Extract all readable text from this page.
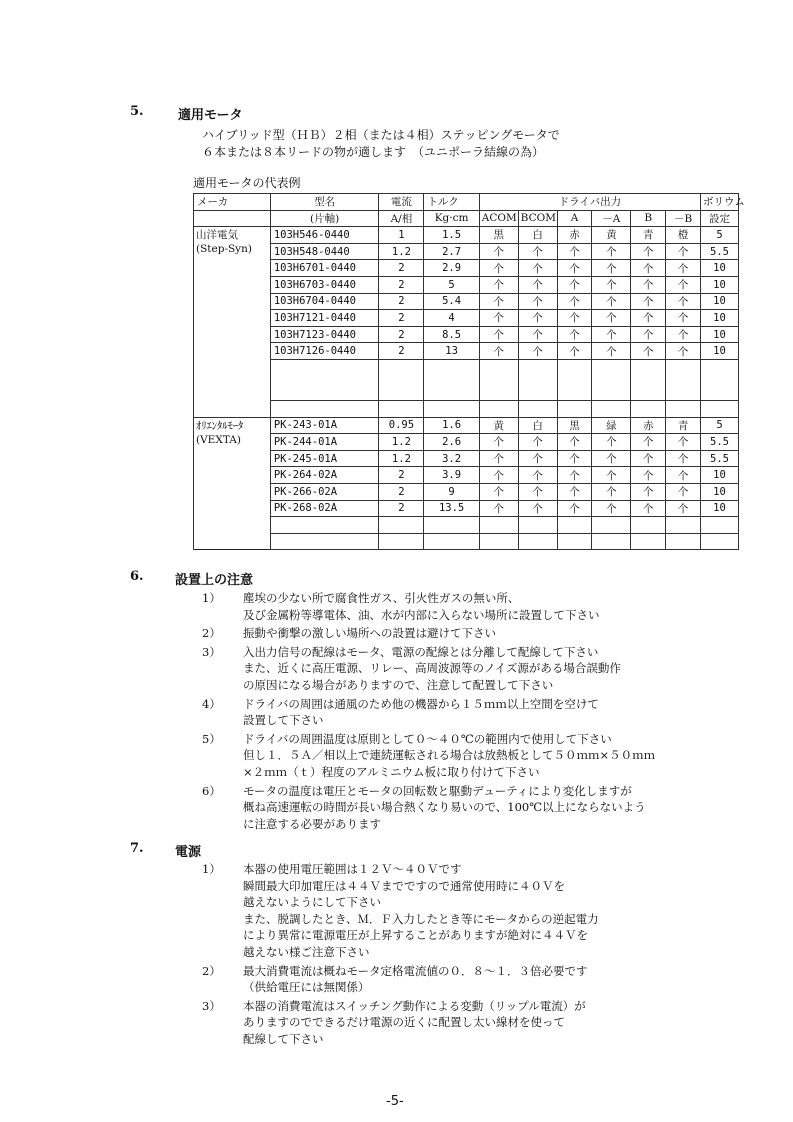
5.	適用モータ
ハイブリッド型（ＨＢ）２相（または４相）ステッピングモータで
６本または８本リードの物が適します　（ユニポーラ結線の為）
適用モータの代表例
メーカ	型名	電流	トルク	ドライバ出力						ボリウム
	(片軸)	A/相	Kg·cm	ACOM	BCOM	A	－A	B	－B	設定
山洋電気	103H546-0440	1	1.5	黒	白	赤	黄	青	橙	5
(Step-Syn)	103H548-0440	1.2	2.7	个	个	个	个	个	个	5.5
	103H6701-0440	2	2.9	个	个	个	个	个	个	10
	103H6703-0440	2	5	个	个	个	个	个	个	10
	103H6704-0440	2	5.4	个	个	个	个	个	个	10
	103H7121-0440	2	4	个	个	个	个	个	个	10
	103H7123-0440	2	8.5	个	个	个	个	个	个	10
	103H7126-0440	2	13	个	个	个	个	个	个	10

ｵﾘｴﾝﾀﾙﾓｰﾀ	PK-243-01A	0.95	1.6	黄	白	黒	緑	赤	青	5
(VEXTA)	PK-244-01A	1.2	2.6	个	个	个	个	个	个	5.5
	PK-245-01A	1.2	3.2	个	个	个	个	个	个	5.5
	PK-264-02A	2	3.9	个	个	个	个	个	个	10
	PK-266-02A	2	9	个	个	个	个	个	个	10
	PK-268-02A	2	13.5	个	个	个	个	个	个	10

6. 設置上の注意
1） 塵埃の少ない所で腐食性ガス、引火性ガスの無い所、
及び金属粉等導電体、油、水が内部に入らない場所に設置して下さい
2） 振動や衝撃の激しい場所への設置は避けて下さい
3） 入出力信号の配線はモータ、電源の配線とは分離して配線して下さい
また、近くに高圧電源、リレー、高周波源等のノイズ源がある場合誤動作
の原因になる場合がありますので、注意して配置して下さい
4） ドライバの周囲は通風のため他の機器から１５ｍｍ以上空間を空けて
設置して下さい
5） ドライバの周囲温度は原則として０～４０℃の範囲内で使用して下さい
但し１．５Ａ／相以上で連続運転される場合は放熱板として５０ｍｍ×５０ｍｍ
×２ｍｍ（ｔ）程度のアルミニウム板に取り付けて下さい
6） モータの温度は電圧とモータの回転数と駆動デューティにより変化しますが
概ね高速運転の時間が長い場合熱くなり易いので、100℃以上にならないよう
に注意する必要があります
7. 電源
1） 本器の使用電圧範囲は１２Ｖ～４０Ｖです
瞬間最大印加電圧は４４Ｖまでですので通常使用時に４０Ｖを
越えないようにして下さい
また、脱調したとき、Ｍ．Ｆ入力したとき等にモータからの逆起電力
により異常に電源電圧が上昇することがありますが絶対に４４Ｖを
越えない様ご注意下さい
2） 最大消費電流は概ねモータ定格電流値の０．８～１．３倍必要です
（供給電圧には無関係）
3） 本器の消費電流はスイッチング動作による変動（リップル電流）が
ありますのでできるだけ電源の近くに配置し太い線材を使って
配線して下さい
-5-
